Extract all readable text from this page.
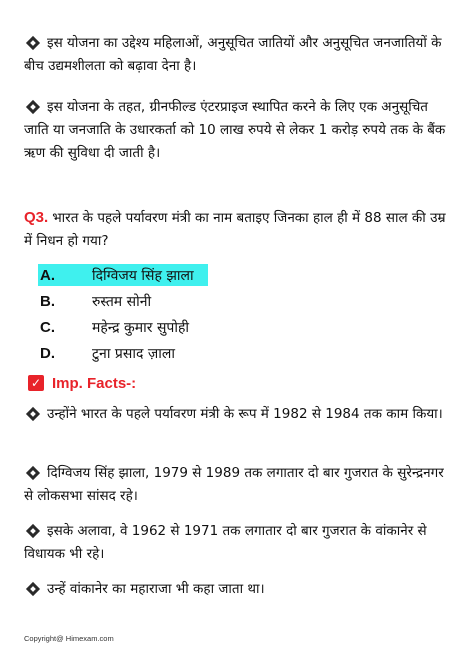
इस योजना का उद्देश्य महिलाओं, अनुसूचित जातियों और अनुसूचित जनजातियों के बीच उद्यमशीलता को बढ़ावा देना है।

इस योजना के तहत, ग्रीनफील्ड एंटरप्राइज स्थापित करने के लिए एक अनुसूचित जाति या जनजाति के उधारकर्ता को 10 लाख रुपये से लेकर 1 करोड़ रुपये तक के बैंक ऋण की सुविधा दी जाती है।

Q3. भारत के पहले पर्यावरण मंत्री का नाम बताइए जिनका हाल ही में 88 साल की उम्र में निधन हो गया?

A.	दिग्विजय सिंह झाला
B.	रुस्तम सोनी
C.	महेन्द्र कुमार सुपोही
D.	टुना प्रसाद ज़ाला
✓ Imp. Facts-:

उन्होंने भारत के पहले पर्यावरण मंत्री के रूप में 1982 से 1984 तक काम किया।

दिग्विजय सिंह झाला, 1979 से 1989 तक लगातार दो बार गुजरात के सुरेन्द्रनगर से लोकसभा सांसद रहे।

इसके अलावा, वे 1962 से 1971 तक लगातार दो बार गुजरात के वांकानेर से विधायक भी रहे।

उन्हें वांकानेर का महाराजा भी कहा जाता था।

Copyright@ Himexam.com
